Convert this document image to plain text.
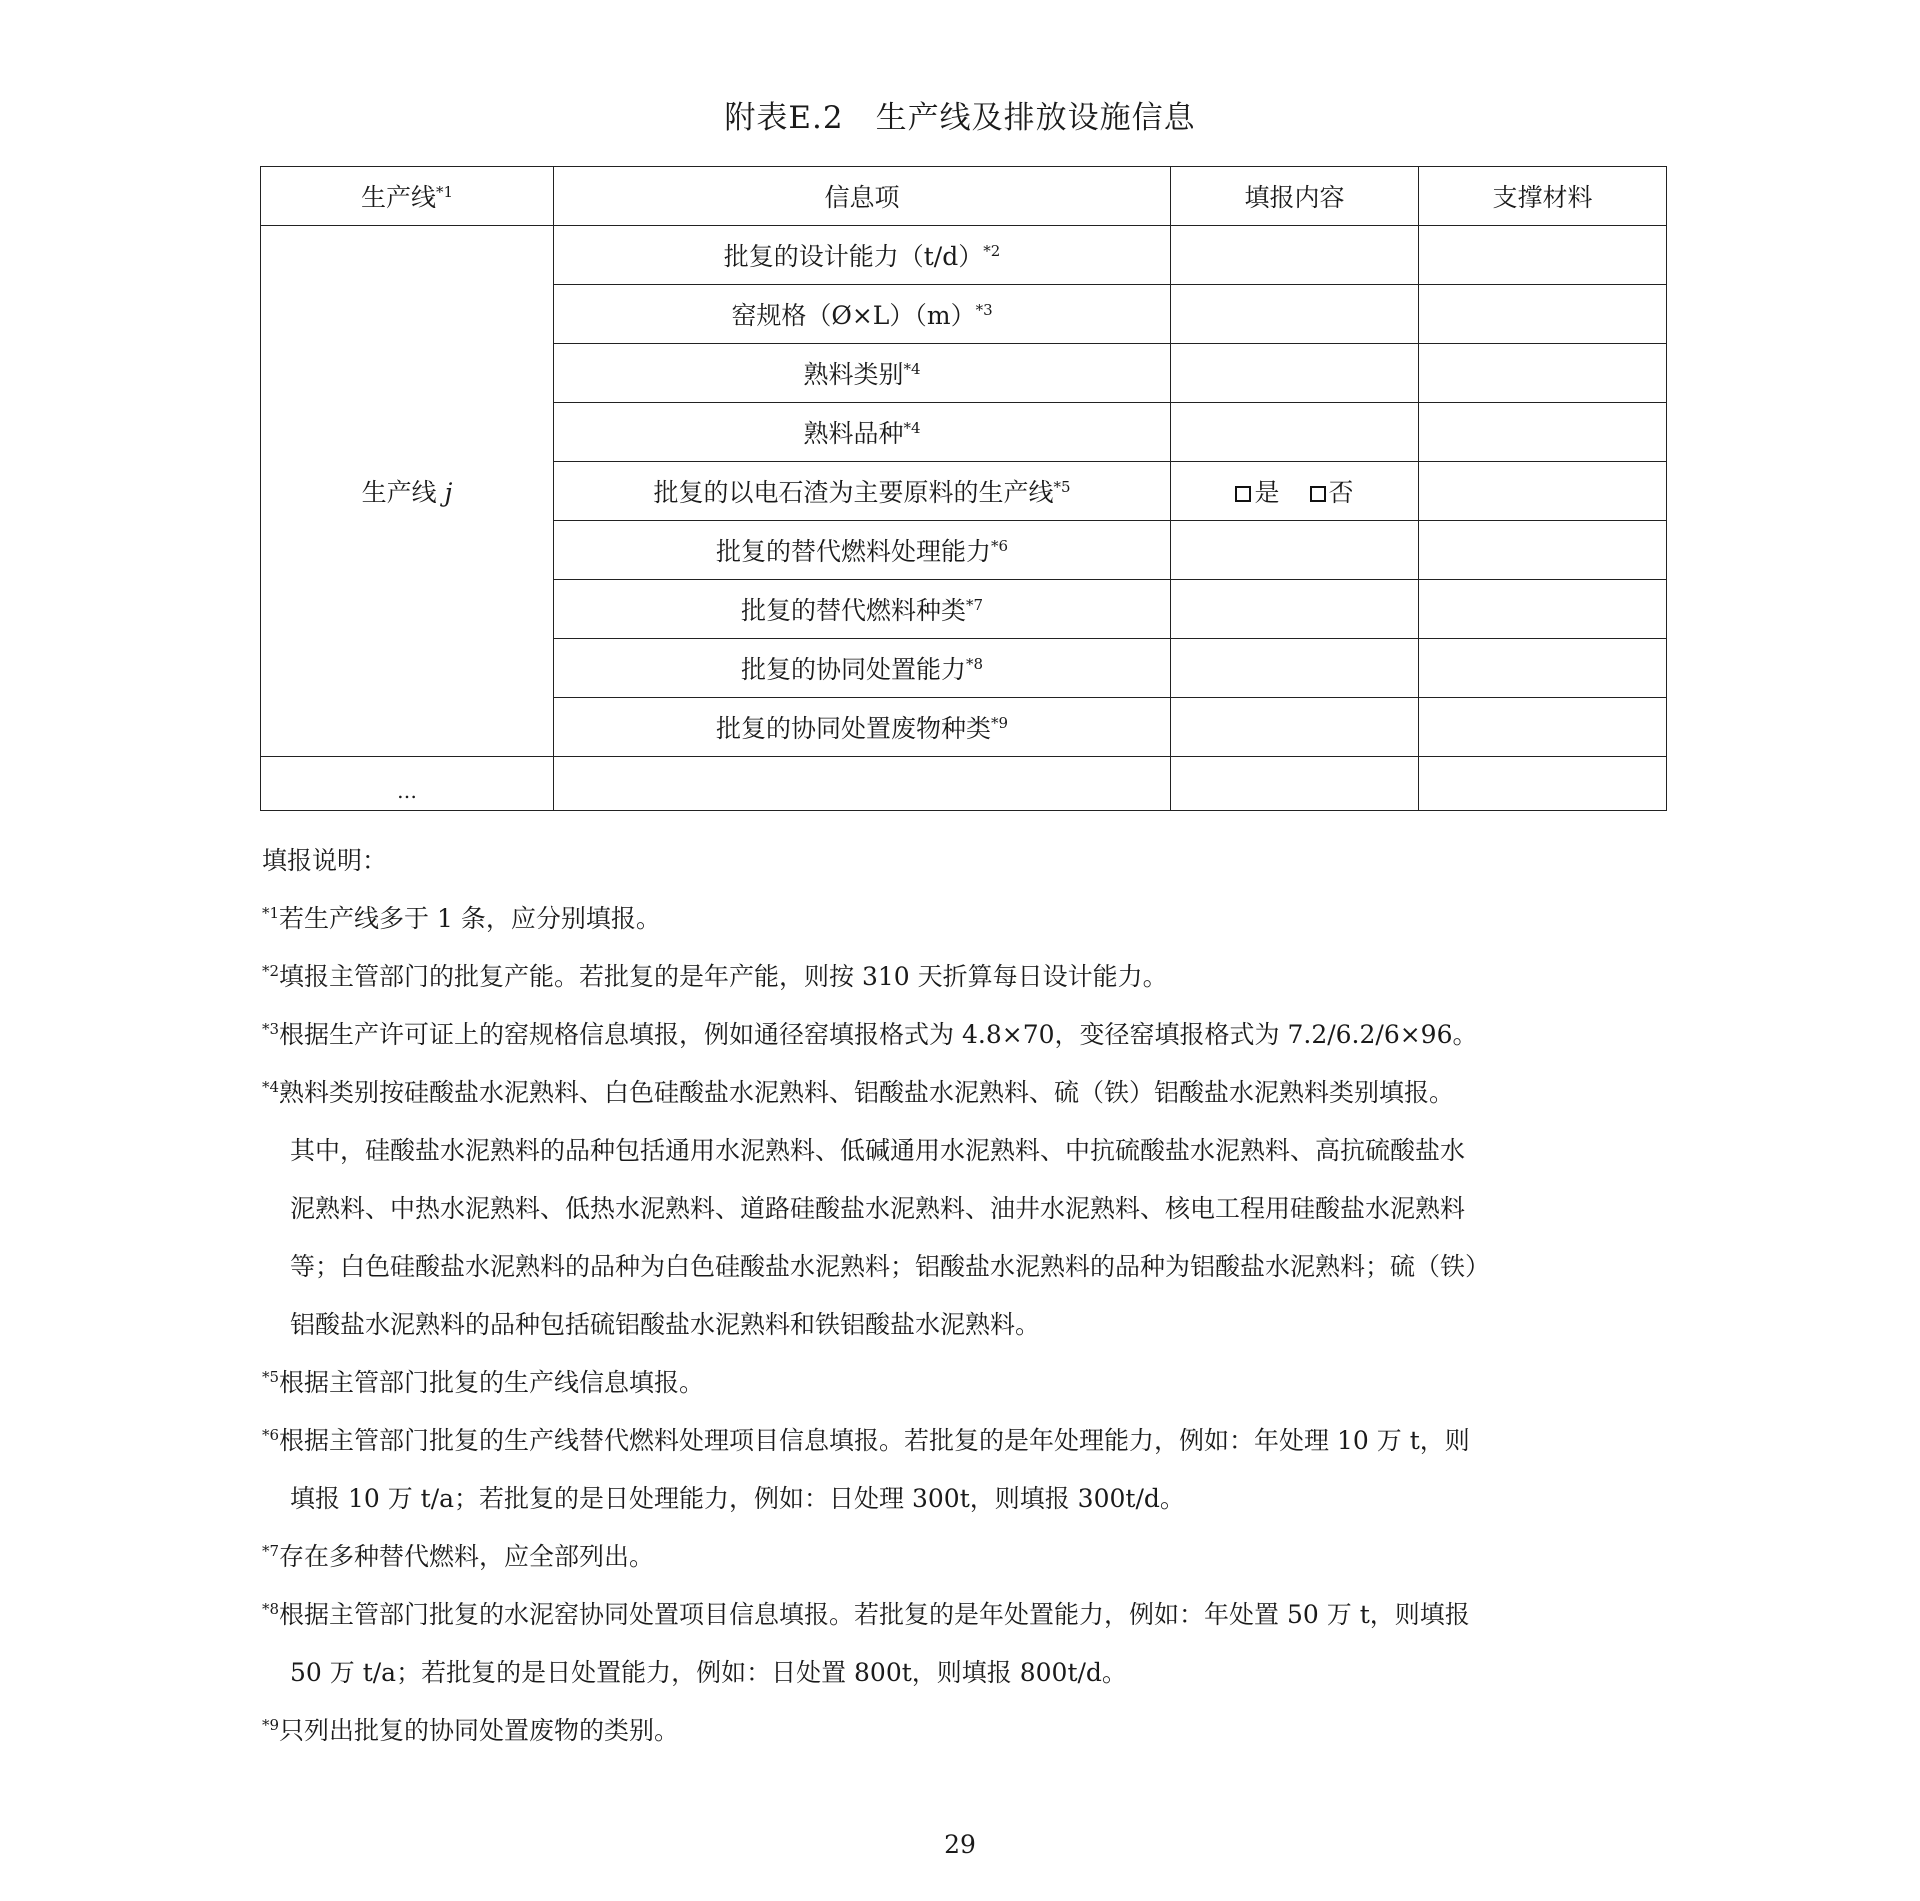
附表E.2　生产线及排放设施信息
生产线$^{*1}$	信息项	填报内容	支撑材料
生产线 j	批复的设计能力$(t/d)^{*2}$		
	窑规格$(Ø\times L)(m)^{*3}$		
	熟料类别$^{*4}$		
	熟料品种$^{*4}$		
	批复的以电石渣为主要原料的生产线$^{*5}$	是 否	
	批复的替代燃料处理能力$^{*6}$		
	批复的替代燃料种类$^{*7}$		
	批复的协同处置能力$^{*8}$		
	批复的协同处置废物种类$^{*9}$		
$_\dots$			

填报说明：

$^{*1}$若生产线多于 1 条，应分别填报。

$^{*2}$填报主管部门的批复产能。若批复的是年产能，则按 310 天折算每日设计能力。

$^{*3}$根据生产许可证上的窑规格信息填报，例如通径窑填报格式为 4.8×70，变径窑填报格式为 7.2/6.2/6×96。

$^{*4}$熟料类别按硅酸盐水泥熟料、白色硅酸盐水泥熟料、铝酸盐水泥熟料、硫（铁）铝酸盐水泥熟料类别填报。

其中，硅酸盐水泥熟料的品种包括通用水泥熟料、低碱通用水泥熟料、中抗硫酸盐水泥熟料、高抗硫酸盐水

泥熟料、中热水泥熟料、低热水泥熟料、道路硅酸盐水泥熟料、油井水泥熟料、核电工程用硅酸盐水泥熟料

等；白色硅酸盐水泥熟料的品种为白色硅酸盐水泥熟料；铝酸盐水泥熟料的品种为铝酸盐水泥熟料；硫（铁）

铝酸盐水泥熟料的品种包括硫铝酸盐水泥熟料和铁铝酸盐水泥熟料。

$^{*5}$根据主管部门批复的生产线信息填报。

$^{*6}$根据主管部门批复的生产线替代燃料处理项目信息填报。若批复的是年处理能力，例如：年处理 10 万 t，则

填报 10 万 t/a；若批复的是日处理能力，例如：日处理 300t，则填报 300t/d。

$^{*7}$存在多种替代燃料，应全部列出。

$^{*8}$根据主管部门批复的水泥窑协同处置项目信息填报。若批复的是年处置能力，例如：年处置 50 万 t，则填报

50 万 t/a；若批复的是日处置能力，例如：日处置 800t，则填报 800t/d。

$^{*9}$只列出批复的协同处置废物的类别。

29
